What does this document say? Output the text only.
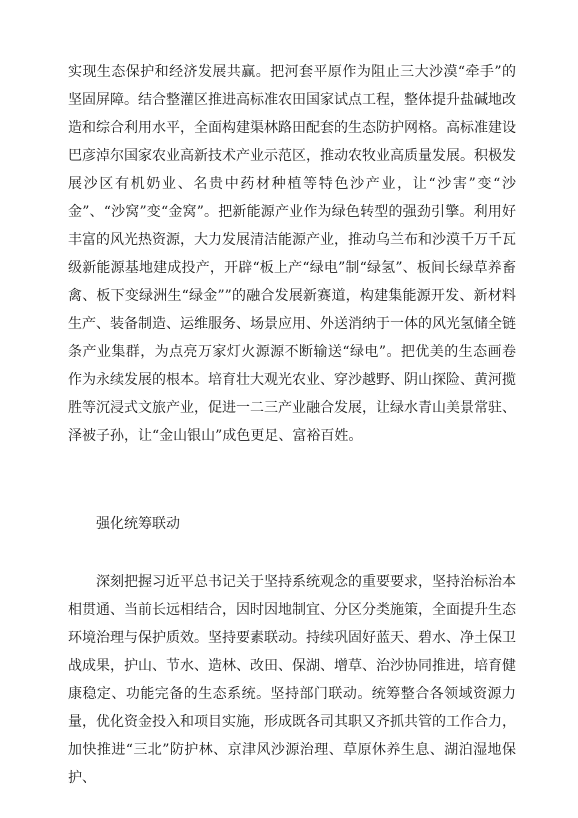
实现生态保护和经济发展共赢。把河套平原作为阻止三大沙漠“牵手”的坚固屏障。结合整灌区推进高标准农田国家试点工程，整体提升盐碱地改造和综合利用水平，全面构建渠林路田配套的生态防护网格。高标准建设巴彦淖尔国家农业高新技术产业示范区，推动农牧业高质量发展。积极发展沙区有机奶业、名贵中药材种植等特色沙产业，让“沙害”变“沙金”、“沙窝”变“金窝”。把新能源产业作为绿色转型的强劲引擎。利用好丰富的风光热资源，大力发展清洁能源产业，推动乌兰布和沙漠千万千瓦级新能源基地建成投产，开辟“板上产“绿电”制“绿氢”、板间长绿草养畜禽、板下变绿洲生“绿金””的融合发展新赛道，构建集能源开发、新材料生产、装备制造、运维服务、场景应用、外送消纳于一体的风光氢储全链条产业集群，为点亮万家灯火源源不断输送“绿电”。把优美的生态画卷作为永续发展的根本。培育壮大观光农业、穿沙越野、阴山探险、黄河揽胜等沉浸式文旅产业，促进一二三产业融合发展，让绿水青山美景常驻、泽被子孙，让“金山银山”成色更足、富裕百姓。

强化统筹联动

深刻把握习近平总书记关于坚持系统观念的重要要求，坚持治标治本相贯通、当前长远相结合，因时因地制宜、分区分类施策，全面提升生态环境治理与保护质效。坚持要素联动。持续巩固好蓝天、碧水、净土保卫战成果，护山、节水、造林、改田、保湖、增草、治沙协同推进，培育健康稳定、功能完备的生态系统。坚持部门联动。统筹整合各领域资源力量，优化资金投入和项目实施，形成既各司其职又齐抓共管的工作合力，加快推进“三北”防护林、京津风沙源治理、草原休养生息、湖泊湿地保护、
